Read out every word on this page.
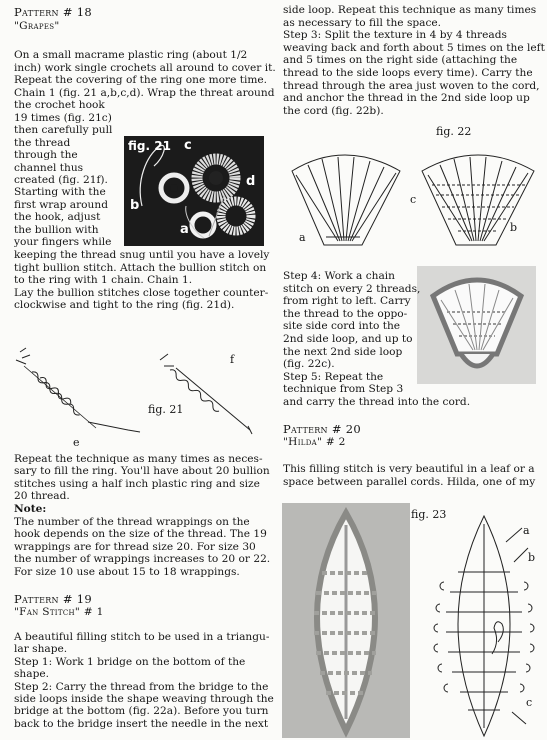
Pattern # 18
"Grapes"
On a small macrame plastic ring (about 1/2
inch) work single crochets all around to cover it.
Repeat the covering of the ring one more time.
Chain 1 (fig. 21 a,b,c,d). Wrap the threat around
the crochet hook
19 times (fig. 21c)
then carefully pull
the thread
through the
channel thus
created (fig. 21f).
Starting with the
first wrap around
the hook, adjust
the bullion with
your fingers while
fig. 21 c
b
d
a
keeping the thread snug until you have a lovely
tight bullion stitch. Attach the bullion stitch on
to the ring with 1 chain. Chain 1.
Lay the bullion stitches close together counter-
clockwise and tight to the ring (fig. 21d).
e
f
fig. 21
Repeat the technique as many times as neces-
sary to fill the ring. You'll have about 20 bullion
stitches using a half inch plastic ring and size
20 thread.
Note:
The number of the thread wrappings on the
hook depends on the size of the thread. The 19
wrappings are for thread size 20. For size 30
the number of wrappings increases to 20 or 22.
For size 10 use about 15 to 18 wrappings.
Pattern # 19
"Fan Stitch" # 1
A beautiful filling stitch to be used in a triangu-
lar shape.
Step 1: Work 1 bridge on the bottom of the
shape.
Step 2: Carry the thread from the bridge to the
side loops inside the shape weaving through the
bridge at the bottom (fig. 22a). Before you turn
back to the bridge insert the needle in the next
side loop. Repeat this technique as many times
as necessary to fill the space.
Step 3: Split the texture in 4 by 4 threads
weaving back and forth about 5 times on the left
and 5 times on the right side (attaching the
thread to the side loops every time). Carry the
thread through the area just woven to the cord,
and anchor the thread in the 2nd side loop up
the cord (fig. 22b).
fig. 22
a
c
b
Step 4: Work a chain
stitch on every 2 threads,
from right to left. Carry
the thread to the oppo-
site side cord into the
2nd side loop, and up to
the next 2nd side loop
(fig. 22c).
Step 5: Repeat the
technique from Step 3
and carry the thread into the cord.
Pattern # 20
"Hilda" # 2
This filling stitch is very beautiful in a leaf or a
space between parallel cords. Hilda, one of my
fig. 23
a
b
c
